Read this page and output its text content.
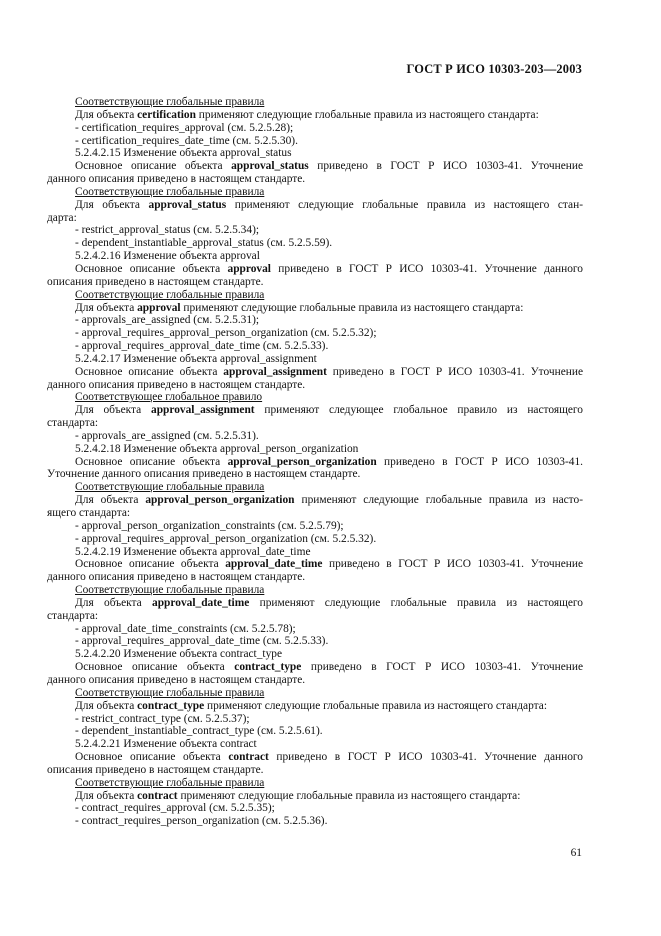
ГОСТ Р ИСО 10303-203—2003
Соответствующие глобальные правила
Для объекта certification применяют следующие глобальные правила из настоящего стандарта:
- certification_requires_approval (см. 5.2.5.28);
- certification_requires_date_time (см. 5.2.5.30).
5.2.4.2.15 Изменение объекта approval_status
Основное описание объекта approval_status приведено в ГОСТ Р ИСО 10303-41. Уточнение
данного описания приведено в настоящем стандарте.
Соответствующие глобальные правила
Для объекта approval_status применяют следующие глобальные правила из настоящего стан-
дарта:
- restrict_approval_status (см. 5.2.5.34);
- dependent_instantiable_approval_status (см. 5.2.5.59).
5.2.4.2.16 Изменение объекта approval
Основное описание объекта approval приведено в ГОСТ Р ИСО 10303-41. Уточнение данного
описания приведено в настоящем стандарте.
Соответствующие глобальные правила
Для объекта approval применяют следующие глобальные правила из настоящего стандарта:
- approvals_are_assigned (см. 5.2.5.31);
- approval_requires_approval_person_organization (см. 5.2.5.32);
- approval_requires_approval_date_time (см. 5.2.5.33).
5.2.4.2.17 Изменение объекта approval_assignment
Основное описание объекта approval_assignment приведено в ГОСТ Р ИСО 10303-41. Уточнение
данного описания приведено в настоящем стандарте.
Соответствующее глобальное правило
Для объекта approval_assignment применяют следующее глобальное правило из настоящего
стандарта:
- approvals_are_assigned (см. 5.2.5.31).
5.2.4.2.18 Изменение объекта approval_person_organization
Основное описание объекта approval_person_organization приведено в ГОСТ Р ИСО 10303-41.
Уточнение данного описания приведено в настоящем стандарте.
Соответствующие глобальные правила
Для объекта approval_person_organization применяют следующие глобальные правила из насто-
ящего стандарта:
- approval_person_organization_constraints (см. 5.2.5.79);
- approval_requires_approval_person_organization (см. 5.2.5.32).
5.2.4.2.19 Изменение объекта approval_date_time
Основное описание объекта approval_date_time приведено в ГОСТ Р ИСО 10303-41. Уточнение
данного описания приведено в настоящем стандарте.
Соответствующие глобальные правила
Для объекта approval_date_time применяют следующие глобальные правила из настоящего
стандарта:
- approval_date_time_constraints (см. 5.2.5.78);
- approval_requires_approval_date_time (см. 5.2.5.33).
5.2.4.2.20 Изменение объекта contract_type
Основное описание объекта contract_type приведено в ГОСТ Р ИСО 10303-41. Уточнение
данного описания приведено в настоящем стандарте.
Соответствующие глобальные правила
Для объекта contract_type применяют следующие глобальные правила из настоящего стандарта:
- restrict_contract_type (см. 5.2.5.37);
- dependent_instantiable_contract_type (см. 5.2.5.61).
5.2.4.2.21 Изменение объекта contract
Основное описание объекта contract приведено в ГОСТ Р ИСО 10303-41. Уточнение данного
описания приведено в настоящем стандарте.
Соответствующие глобальные правила
Для объекта contract применяют следующие глобальные правила из настоящего стандарта:
- contract_requires_approval (см. 5.2.5.35);
- contract_requires_person_organization (см. 5.2.5.36).
61
